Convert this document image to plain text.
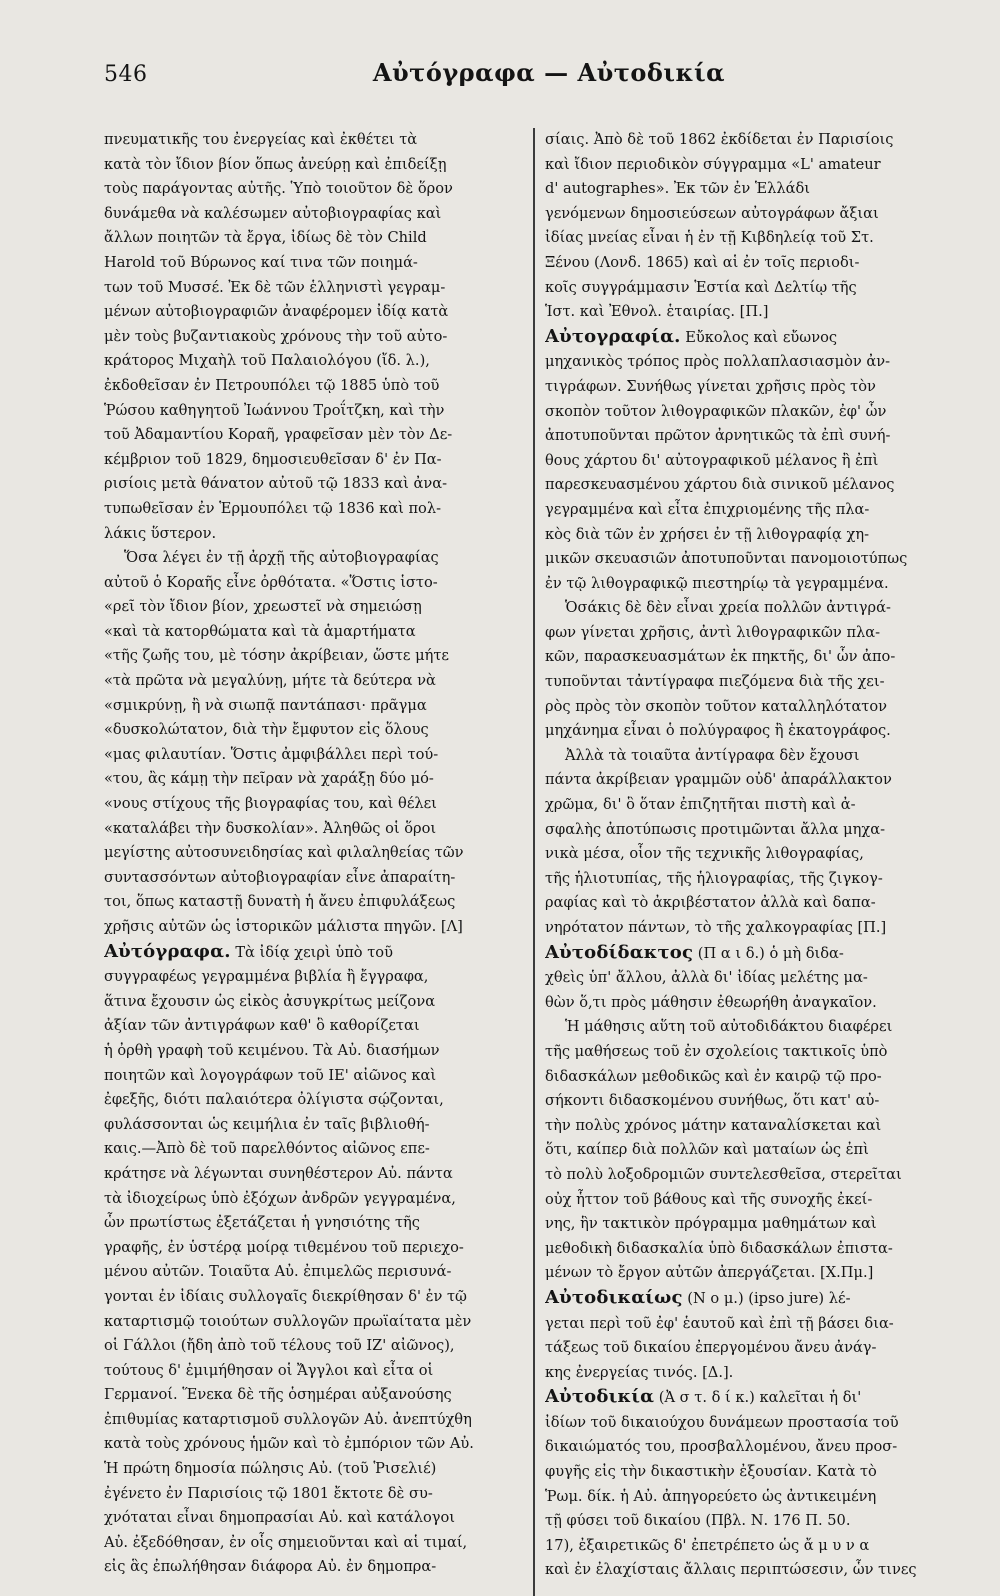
546	Αὐτόγραφα — Αὐτοδικία
πνευματικῆς του ἐνεργείας καὶ ἐκθέτει τὰ
κατὰ τὸν ἴδιον βίον ὅπως ἀνεύρῃ καὶ ἐπιδείξῃ
τοὺς παράγοντας αὐτῆς. Ὑπὸ τοιοῦτον δὲ ὅρον
δυνάμεθα νὰ καλέσωμεν αὐτοβιογραφίας καὶ
ἄλλων ποιητῶν τὰ ἔργα, ἰδίως δὲ τὸν Child
Harold τοῦ Βύρωνος καί τινα τῶν ποιημά-
των τοῦ Μυσσέ. Ἐκ δὲ τῶν ἑλληνιστὶ γεγραμ-
μένων αὐτοβιογραφιῶν ἀναφέρομεν ἰδίᾳ κατὰ
μὲν τοὺς βυζαντιακοὺς χρόνους τὴν τοῦ αὐτο-
κράτορος Μιχαὴλ τοῦ Παλαιολόγου (ἴδ. λ.),
ἐκδοθεῖσαν ἐν Πετρουπόλει τῷ 1885 ὑπὸ τοῦ
Ῥώσου καθηγητοῦ Ἰωάννου Τροΐτζκη, καὶ τὴν
τοῦ Ἀδαμαντίου Κοραῆ, γραφεῖσαν μὲν τὸν Δε-
κέμβριον τοῦ 1829, δημοσιευθεῖσαν δ' ἐν Πα-
ρισίοις μετὰ θάνατον αὐτοῦ τῷ 1833 καὶ ἀνα-
τυπωθεῖσαν ἐν Ἑρμουπόλει τῷ 1836 καὶ πολ-
λάκις ὕστερον.
Ὅσα λέγει ἐν τῇ ἀρχῇ τῆς αὐτοβιογραφίας
αὐτοῦ ὁ Κοραῆς εἶνε ὀρθότατα. «Ὅστις ἱστο-
«ρεῖ τὸν ἴδιον βίον, χρεωστεῖ νὰ σημειώσῃ
«καὶ τὰ κατορθώματα καὶ τὰ ἁμαρτήματα
«τῆς ζωῆς του, μὲ τόσην ἀκρίβειαν, ὥστε μήτε
«τὰ πρῶτα νὰ μεγαλύνῃ, μήτε τὰ δεύτερα νὰ
«σμικρύνῃ, ἢ νὰ σιωπᾷ παντάπασι· πρᾶγμα
«δυσκολώτατον, διὰ τὴν ἔμφυτον εἰς ὅλους
«μας φιλαυτίαν. Ὅστις ἀμφιβάλλει περὶ τού-
«του, ἂς κάμῃ τὴν πεῖραν νὰ χαράξῃ δύο μό-
«νους στίχους τῆς βιογραφίας του, καὶ θέλει
«καταλάβει τὴν δυσκολίαν». Ἀληθῶς οἱ ὅροι
μεγίστης αὐτοσυνειδησίας καὶ φιλαληθείας τῶν
συντασσόντων αὐτοβιογραφίαν εἶνε ἀπαραίτη-
τοι, ὅπως καταστῇ δυνατὴ ἡ ἄνευ ἐπιφυλάξεως
χρῆσις αὐτῶν ὡς ἱστορικῶν μάλιστα πηγῶν. [Λ]
Αὐτόγραφα. Τὰ ἰδίᾳ χειρὶ ὑπὸ τοῦ
συγγραφέως γεγραμμένα βιβλία ἢ ἔγγραφα,
ἅτινα ἔχουσιν ὡς εἰκὸς ἀσυγκρίτως μείζονα
ἀξίαν τῶν ἀντιγράφων καθ' ὃ καθορίζεται
ἡ ὀρθὴ γραφὴ τοῦ κειμένου. Τὰ Αὐ. διασήμων
ποιητῶν καὶ λογογράφων τοῦ ΙΕ' αἰῶνος καὶ
ἐφεξῆς, διότι παλαιότερα ὀλίγιστα σῴζονται,
φυλάσσονται ὡς κειμήλια ἐν ταῖς βιβλιοθή-
καις.—Ἀπὸ δὲ τοῦ παρελθόντος αἰῶνος επε-
κράτησε νὰ λέγωνται συνηθέστερον Αὐ. πάντα
τὰ ἰδιοχείρως ὑπὸ ἐξόχων ἀνδρῶν γεγγραμένα,
ὧν πρωτίστως ἐξετάζεται ἡ γνησιότης τῆς
γραφῆς, ἐν ὑστέρᾳ μοίρᾳ τιθεμένου τοῦ περιεχο-
μένου αὐτῶν. Τοιαῦτα Αὐ. ἐπιμελῶς περισυνά-
γονται ἐν ἰδίαις συλλογαῖς διεκρίθησαν δ' ἐν τῷ
καταρτισμῷ τοιούτων συλλογῶν πρωϊαίτατα μὲν
οἱ Γάλλοι (ἤδη ἀπὸ τοῦ τέλους τοῦ ΙΖ' αἰῶνος),
τούτους δ' ἐμιμήθησαν οἱ Ἄγγλοι καὶ εἶτα οἱ
Γερμανοί. Ἕνεκα δὲ τῆς ὁσημέραι αὐξανούσης
ἐπιθυμίας καταρτισμοῦ συλλογῶν Αὐ. ἀνεπτύχθη
κατὰ τοὺς χρόνους ἡμῶν καὶ τὸ ἐμπόριον τῶν Αὐ.
Ἡ πρώτη δημοσία πώλησις Αὐ. (τοῦ Ῥισελιέ)
ἐγένετο ἐν Παρισίοις τῷ 1801 ἔκτοτε δὲ συ-
χνόταται εἶναι δημοπρασίαι Αὐ. καὶ κατάλογοι
Αὐ. ἐξεδόθησαν, ἐν οἷς σημειοῦνται καὶ αἱ τιμαί,
εἰς ἃς ἐπωλήθησαν διάφορα Αὐ. ἐν δημοπρα-
σίαις. Ἀπὸ δὲ τοῦ 1862 ἐκδίδεται ἐν Παρισίοις
καὶ ἴδιον περιοδικὸν σύγγραμμα «L' amateur
d' autographes». Ἐκ τῶν ἐν Ἑλλάδι
γενόμενων δημοσιεύσεων αὐτογράφων ἄξιαι
ἰδίας μνείας εἶναι ἡ ἐν τῇ Κιβδηλείᾳ τοῦ Στ.
Ξένου (Λονδ. 1865) καὶ αἱ ἐν τοῖς περιοδι-
κοῖς συγγράμμασιν Ἑστία καὶ Δελτίῳ τῆς
Ἱστ. καὶ Ἐθνολ. ἑταιρίας. [Π.]
Αὐτογραφία. Εὔκολος καὶ εὔωνος
μηχανικὸς τρόπος πρὸς πολλαπλασιασμὸν ἀν-
τιγράφων. Συνήθως γίνεται χρῆσις πρὸς τὸν
σκοπὸν τοῦτον λιθογραφικῶν πλακῶν, ἐφ' ὧν
ἀποτυποῦνται πρῶτον ἀρνητικῶς τὰ ἐπὶ συνή-
θους χάρτου δι' αὐτογραφικοῦ μέλανος ἢ ἐπὶ
παρεσκευασμένου χάρτου διὰ σινικοῦ μέλανος
γεγραμμένα καὶ εἶτα ἐπιχριομένης τῆς πλα-
κὸς διὰ τῶν ἐν χρήσει ἐν τῇ λιθογραφίᾳ χη-
μικῶν σκευασιῶν ἀποτυποῦνται πανομοιοτύπως
ἐν τῷ λιθογραφικῷ πιεστηρίῳ τὰ γεγραμμένα.
Ὁσάκις δὲ δὲν εἶναι χρεία πολλῶν ἀντιγρά-
φων γίνεται χρῆσις, ἀντὶ λιθογραφικῶν πλα-
κῶν, παρασκευασμάτων ἐκ πηκτῆς, δι' ὧν ἀπο-
τυποῦνται τἀντίγραφα πιεζόμενα διὰ τῆς χει-
ρὸς πρὸς τὸν σκοπὸν τοῦτον καταλληλότατον
μηχάνημα εἶναι ὁ πολύγραφος ἢ ἑκατογράφος.
Ἀλλὰ τὰ τοιαῦτα ἀντίγραφα δὲν ἔχουσι
πάντα ἀκρίβειαν γραμμῶν οὐδ' ἀπαράλλακτον
χρῶμα, δι' ὃ ὅταν ἐπιζητῆται πιστὴ καὶ ἀ-
σφαλὴς ἀποτύπωσις προτιμῶνται ἄλλα μηχα-
νικὰ μέσα, οἷον τῆς τεχνικῆς λιθογραφίας,
τῆς ἡλιοτυπίας, τῆς ἡλιογραφίας, τῆς ζιγκογ-
ραφίας καὶ τὸ ἀκριβέστατον ἀλλὰ καὶ δαπα-
νηρότατον πάντων, τὸ τῆς χαλκογραφίας [Π.]
Αὐτοδίδακτος (Π α ι δ.) ὁ μὴ διδα-
χθεὶς ὑπ' ἄλλου, ἀλλὰ δι' ἰδίας μελέτης μα-
θὼν ὅ,τι πρὸς μάθησιν ἐθεωρήθη ἀναγκαῖον.
Ἡ μάθησις αὕτη τοῦ αὐτοδιδάκτου διαφέρει
τῆς μαθήσεως τοῦ ἐν σχολείοις τακτικοῖς ὑπὸ
διδασκάλων μεθοδικῶς καὶ ἐν καιρῷ τῷ προ-
σήκοντι διδασκομένου συνήθως, ὅτι κατ' αὐ-
τὴν πολὺς χρόνος μάτην καταναλίσκεται καὶ
ὅτι, καίπερ διὰ πολλῶν καὶ ματαίων ὡς ἐπὶ
τὸ πολὺ λοξοδρομιῶν συντελεσθεῖσα, στερεῖται
οὐχ ἧττον τοῦ βάθους καὶ τῆς συνοχῆς ἐκεί-
νης, ἣν τακτικὸν πρόγραμμα μαθημάτων καὶ
μεθοδικὴ διδασκαλία ὑπὸ διδασκάλων ἐπιστα-
μένων τὸ ἔργον αὐτῶν ἀπεργάζεται. [Χ.Πμ.]
Αὐτοδικαίως (Ν ο μ.) (ipso jure) λέ-
γεται περὶ τοῦ ἐφ' ἑαυτοῦ καὶ ἐπὶ τῇ βάσει δια-
τάξεως τοῦ δικαίου ἐπεργομένου ἄνευ ἀνάγ-
κης ἐνεργείας τινός. [Δ.].
Αὐτοδικία (Ἀ σ τ. δ ί κ.) καλεῖται ἡ δι'
ἰδίων τοῦ δικαιούχου δυνάμεων προστασία τοῦ
δικαιώματός του, προσβαλλομένου, ἄνευ προσ-
φυγῆς εἰς τὴν δικαστικὴν ἐξουσίαν. Κατὰ τὸ
Ῥωμ. δίκ. ἡ Αὐ. ἀπηγορεύετο ὡς ἀντικειμένη
τῇ φύσει τοῦ δικαίου (Πβλ. Ν. 176 Π. 50.
17), ἐξαιρετικῶς δ' ἐπετρέπετο ὡς ἄ μ υ ν α
καὶ ἐν ἐλαχίσταις ἄλλαις περιπτώσεσιν, ὧν τινες
